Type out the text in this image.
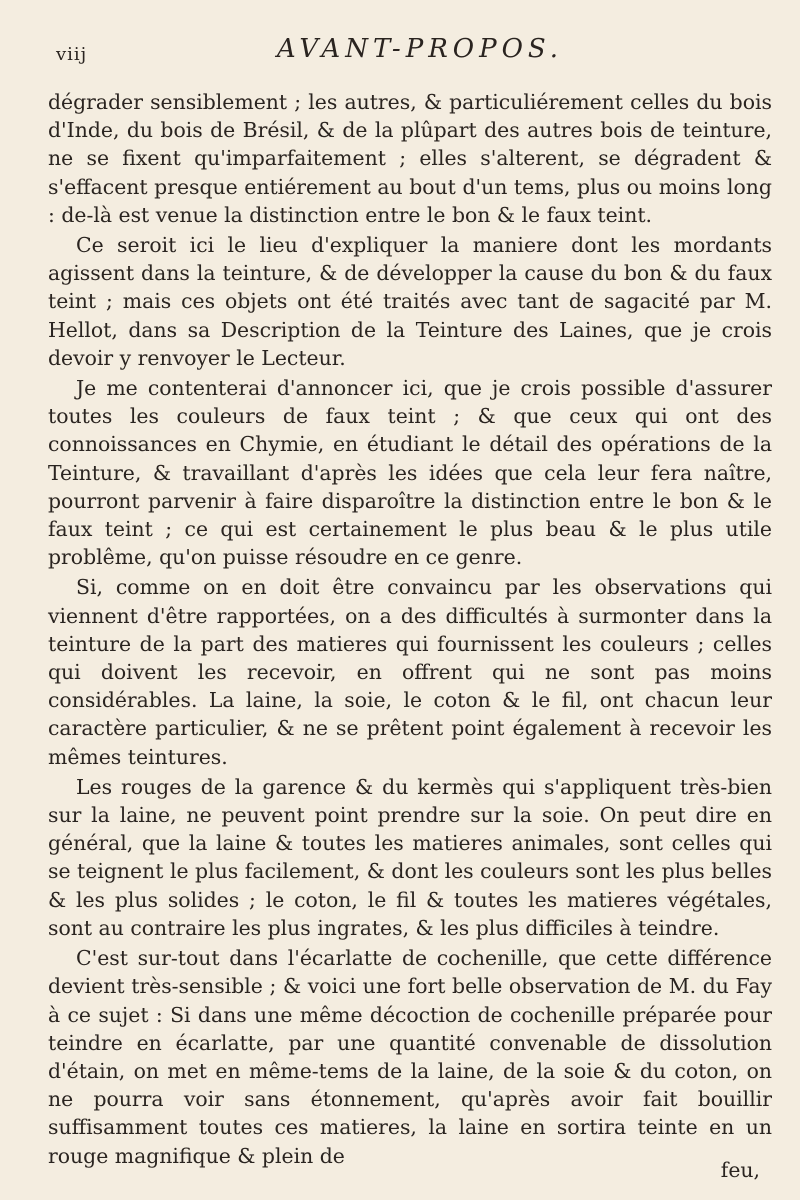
viij	AVANT-PROPOS.

dégrader sensiblement ; les autres, & particuliérement celles du bois d'Inde, du bois de Brésil, & de la plûpart des autres bois de teinture, ne se fixent qu'imparfaitement ; elles s'alterent, se dégradent & s'effacent presque entiérement au bout d'un tems, plus ou moins long : de-là est venue la distinction entre le bon & le faux teint.

Ce seroit ici le lieu d'expliquer la maniere dont les mordants agissent dans la teinture, & de développer la cause du bon & du faux teint ; mais ces objets ont été traités avec tant de sagacité par M. Hellot, dans sa Description de la Teinture des Laines, que je crois devoir y renvoyer le Lecteur.

Je me contenterai d'annoncer ici, que je crois possible d'assurer toutes les couleurs de faux teint ; & que ceux qui ont des connoissances en Chymie, en étudiant le détail des opérations de la Teinture, & travaillant d'après les idées que cela leur fera naître, pourront parvenir à faire disparoître la distinction entre le bon & le faux teint ; ce qui est certainement le plus beau & le plus utile problême, qu'on puisse résoudre en ce genre.

Si, comme on en doit être convaincu par les observations qui viennent d'être rapportées, on a des difficultés à surmonter dans la teinture de la part des matieres qui fournissent les couleurs ; celles qui doivent les recevoir, en offrent qui ne sont pas moins considérables. La laine, la soie, le coton & le fil, ont chacun leur caractère particulier, & ne se prêtent point également à recevoir les mêmes teintures.

Les rouges de la garence & du kermès qui s'appliquent très-bien sur la laine, ne peuvent point prendre sur la soie. On peut dire en général, que la laine & toutes les matieres animales, sont celles qui se teignent le plus facilement, & dont les couleurs sont les plus belles & les plus solides ; le coton, le fil & toutes les matieres végétales, sont au contraire les plus ingrates, & les plus difficiles à teindre.

C'est sur-tout dans l'écarlatte de cochenille, que cette différence devient très-sensible ; & voici une fort belle observation de M. du Fay à ce sujet : Si dans une même décoction de cochenille préparée pour teindre en écarlatte, par une quantité convenable de dissolution d'étain, on met en même-tems de la laine, de la soie & du coton, on ne pourra voir sans étonnement, qu'après avoir fait bouillir suffisamment toutes ces matieres, la laine en sortira teinte en un rouge magnifique & plein de

feu,
